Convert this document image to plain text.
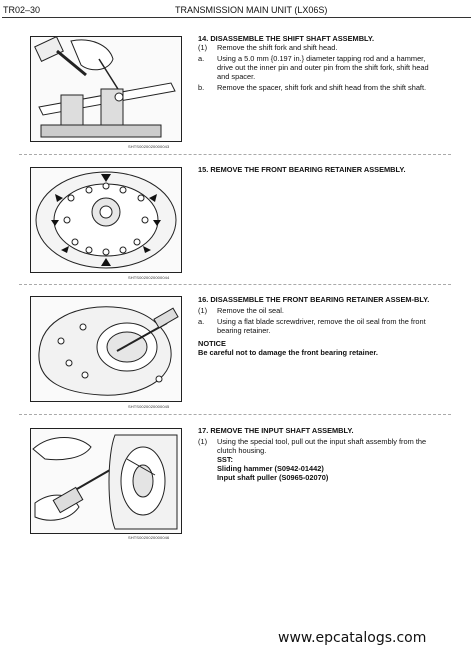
TR02–30	TRANSMISSION MAIN UNIT (LX06S)
SHTS0020020000043
14. DISASSEMBLE THE SHIFT SHAFT ASSEMBLY.
(1) Remove the shift fork and shift head.
a. Using a 5.0 mm {0.197 in.} diameter tapping rod and a hammer, drive out the inner pin and outer pin from the shift fork, shift head and spacer.
b. Remove the spacer, shift fork and shift head from the shift shaft.
SHTS0020020000044
15. REMOVE THE FRONT BEARING RETAINER ASSEMBLY.
SHTS0020020000045
16. DISASSEMBLE THE FRONT BEARING RETAINER ASSEM-BLY.
(1) Remove the oil seal.
a. Using a flat blade screwdriver, remove the oil seal from the front bearing retainer.
NOTICE
Be careful not to damage the front bearing retainer.
SHTS0020020000046
17. REMOVE THE INPUT SHAFT ASSEMBLY.
(1) Using the special tool, pull out the input shaft assembly from the clutch housing.
SST:
Sliding hammer (S0942-01442)
Input shaft puller (S0965-02070)
www.epcatalogs.com
